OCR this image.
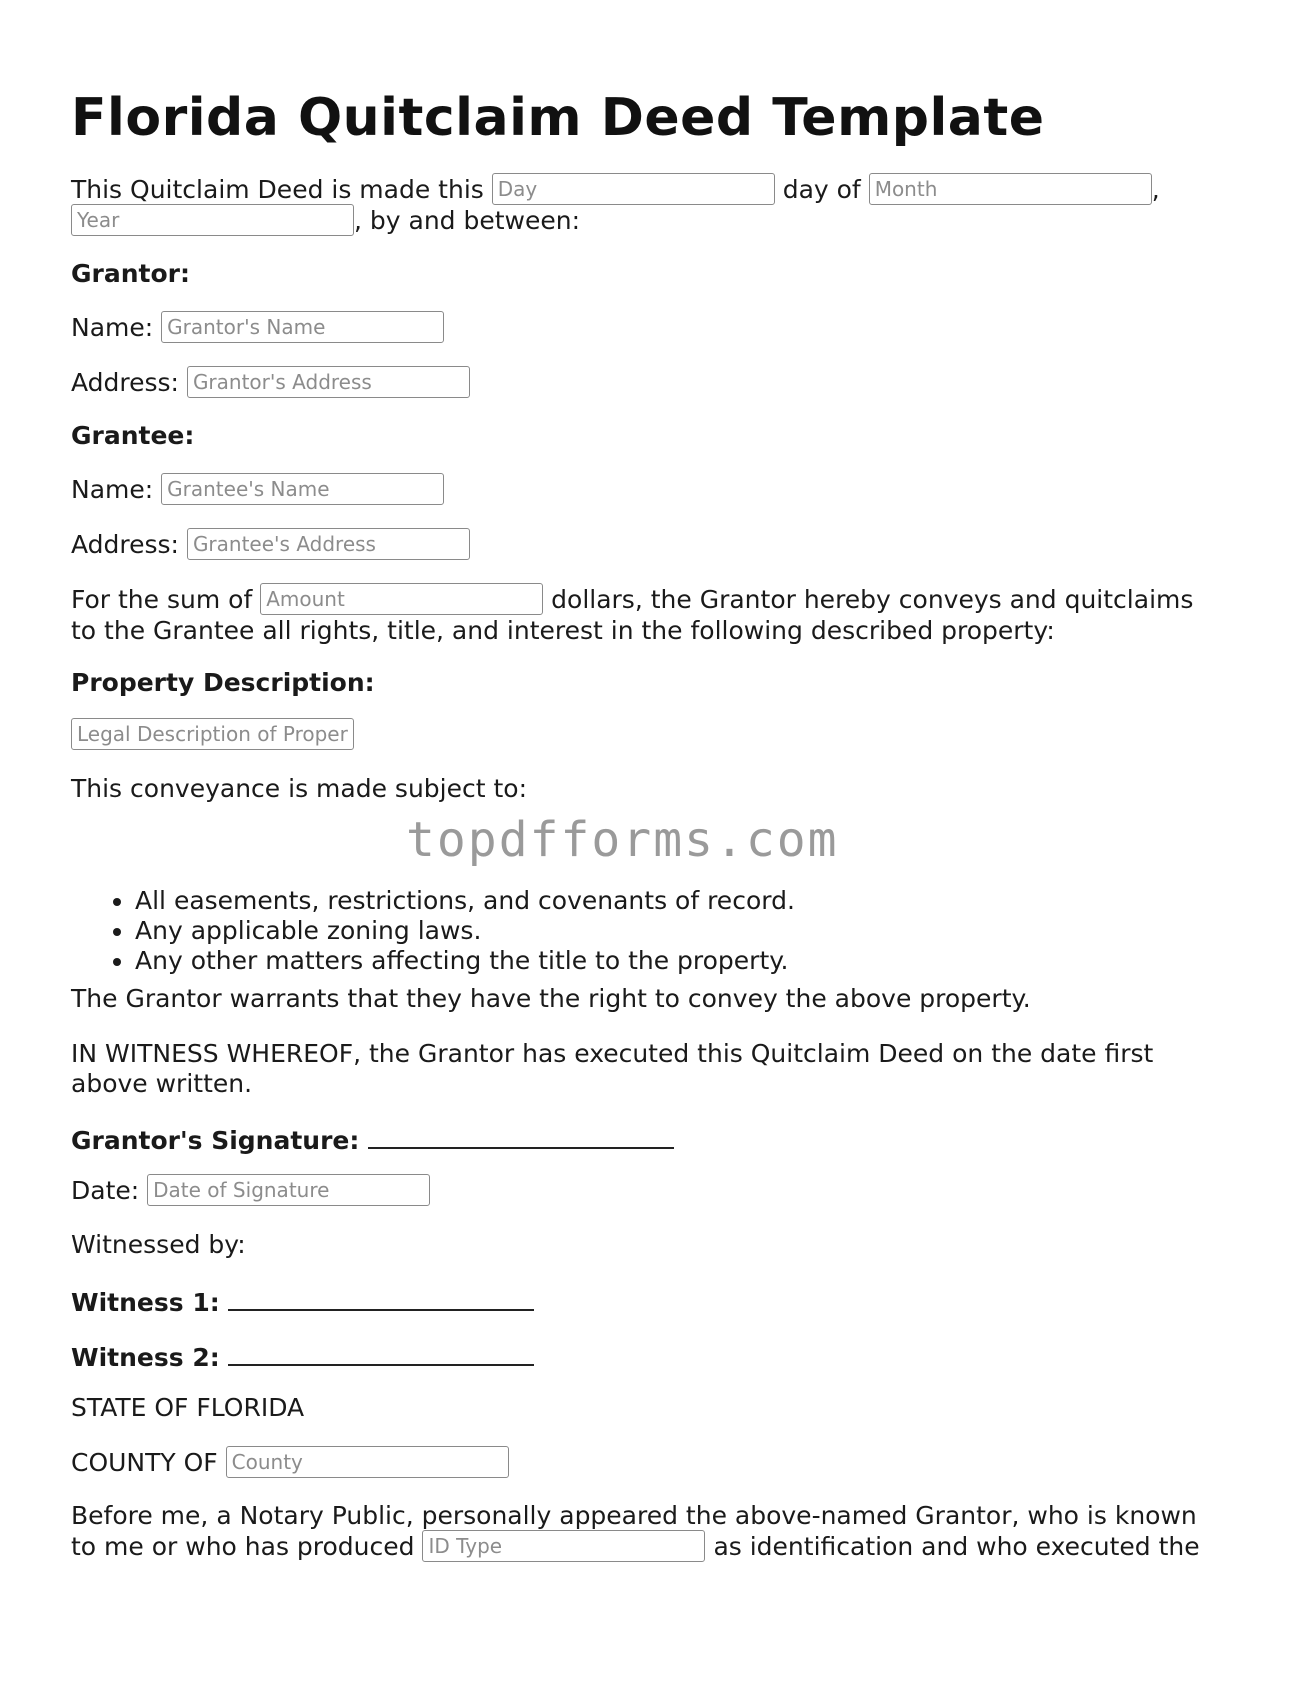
Florida Quitclaim Deed Template
This Quitclaim Deed is made this Day	day of Month	,
Year, by and between:
Grantor:
Name: Grantor's Name
Address: Grantor's Address
Grantee:
Name: Grantee's Name
Address: Grantee's Address
For the sum of Amount	dollars, the Grantor hereby conveys and quitclaims
to the Grantee all rights, title, and interest in the following described property:
Property Description:
Legal Description of Property
This conveyance is made subject to:
• All easements, restrictions, and covenants of record.
• Any applicable zoning laws.
• Any other matters affecting the title to the property.
The Grantor warrants that they have the right to convey the above property.
IN WITNESS WHEREOF, the Grantor has executed this Quitclaim Deed on the date first
above written.
Grantor's Signature:
Date: Date of Signature
Witnessed by:
Witness 1:
Witness 2:
STATE OF FLORIDA
COUNTY OF County
Before me, a Notary Public, personally appeared the above-named Grantor, who is known
to me or who has produced ID Type	as identification and who executed the
topdfforms.com
